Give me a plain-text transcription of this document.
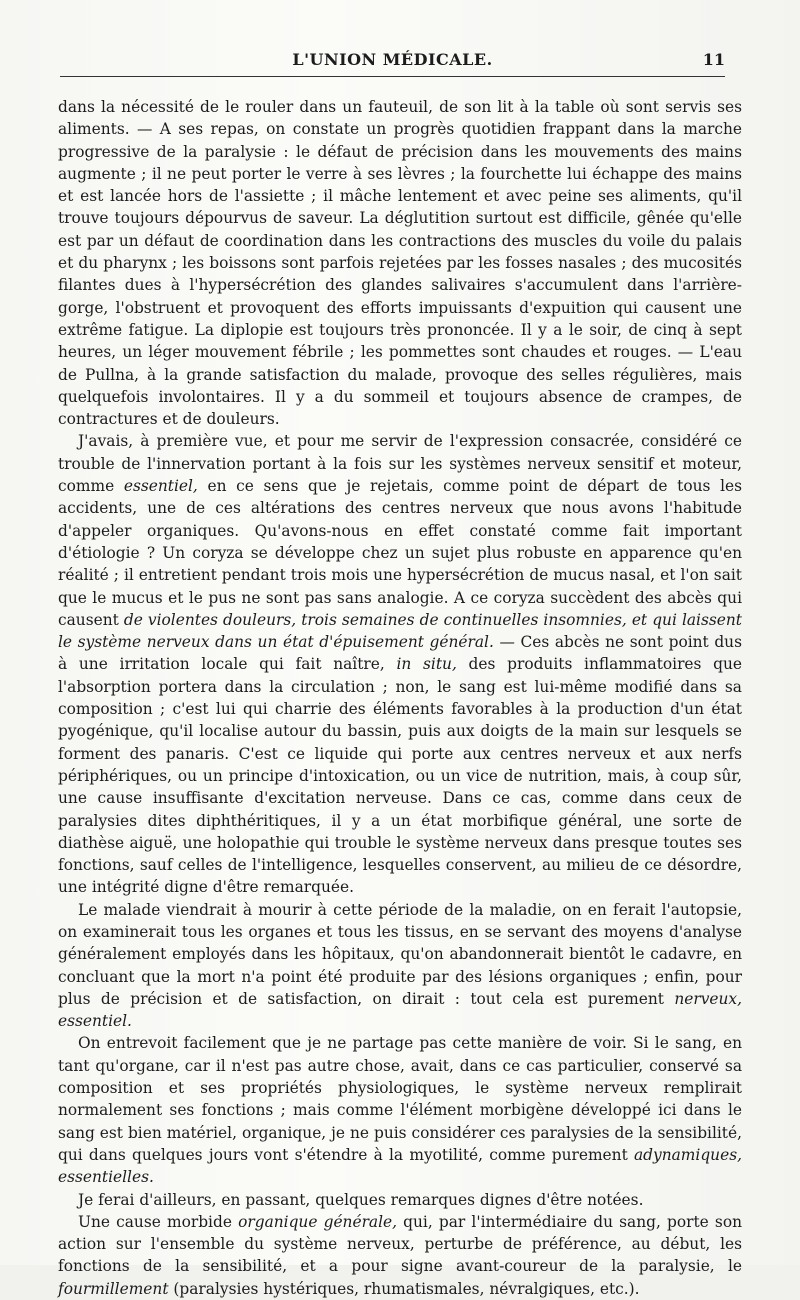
L'UNION MÉDICALE.	11

dans la nécessité de le rouler dans un fauteuil, de son lit à la table où sont servis ses aliments. — A ses repas, on constate un progrès quotidien frappant dans la marche progressive de la paralysie : le défaut de précision dans les mouvements des mains augmente ; il ne peut porter le verre à ses lèvres ; la fourchette lui échappe des mains et est lancée hors de l'assiette ; il mâche lentement et avec peine ses aliments, qu'il trouve toujours dépourvus de saveur. La déglutition surtout est difficile, gênée qu'elle est par un défaut de coordination dans les contractions des muscles du voile du palais et du pharynx ; les boissons sont parfois rejetées par les fosses nasales ; des mucosités filantes dues à l'hypersécrétion des glandes salivaires s'accumulent dans l'arrière-gorge, l'obstruent et provoquent des efforts impuissants d'expuition qui causent une extrême fatigue. La diplopie est toujours très prononcée. Il y a le soir, de cinq à sept heures, un léger mouvement fébrile ; les pommettes sont chaudes et rouges. — L'eau de Pullna, à la grande satisfaction du malade, provoque des selles régulières, mais quelquefois involontaires. Il y a du sommeil et toujours absence de crampes, de contractures et de douleurs.

J'avais, à première vue, et pour me servir de l'expression consacrée, considéré ce trouble de l'innervation portant à la fois sur les systèmes nerveux sensitif et moteur, comme essentiel, en ce sens que je rejetais, comme point de départ de tous les accidents, une de ces altérations des centres nerveux que nous avons l'habitude d'appeler organiques. Qu'avons-nous en effet constaté comme fait important d'étiologie ? Un coryza se développe chez un sujet plus robuste en apparence qu'en réalité ; il entretient pendant trois mois une hypersécrétion de mucus nasal, et l'on sait que le mucus et le pus ne sont pas sans analogie. A ce coryza succèdent des abcès qui causent de violentes douleurs, trois semaines de continuelles insomnies, et qui laissent le système nerveux dans un état d'épuisement général. — Ces abcès ne sont point dus à une irritation locale qui fait naître, in situ, des produits inflammatoires que l'absorption portera dans la circulation ; non, le sang est lui-même modifié dans sa composition ; c'est lui qui charrie des éléments favorables à la production d'un état pyogénique, qu'il localise autour du bassin, puis aux doigts de la main sur lesquels se forment des panaris. C'est ce liquide qui porte aux centres nerveux et aux nerfs périphériques, ou un principe d'intoxication, ou un vice de nutrition, mais, à coup sûr, une cause insuffisante d'excitation nerveuse. Dans ce cas, comme dans ceux de paralysies dites diphthéritiques, il y a un état morbifique général, une sorte de diathèse aiguë, une holopathie qui trouble le système nerveux dans presque toutes ses fonctions, sauf celles de l'intelligence, lesquelles conservent, au milieu de ce désordre, une intégrité digne d'être remarquée.

Le malade viendrait à mourir à cette période de la maladie, on en ferait l'autopsie, on examinerait tous les organes et tous les tissus, en se servant des moyens d'analyse généralement employés dans les hôpitaux, qu'on abandonnerait bientôt le cadavre, en concluant que la mort n'a point été produite par des lésions organiques ; enfin, pour plus de précision et de satisfaction, on dirait : tout cela est purement nerveux, essentiel.

On entrevoit facilement que je ne partage pas cette manière de voir. Si le sang, en tant qu'organe, car il n'est pas autre chose, avait, dans ce cas particulier, conservé sa composition et ses propriétés physiologiques, le système nerveux remplirait normalement ses fonctions ; mais comme l'élément morbigène développé ici dans le sang est bien matériel, organique, je ne puis considérer ces paralysies de la sensibilité, qui dans quelques jours vont s'étendre à la myotilité, comme purement adynamiques, essentielles.

Je ferai d'ailleurs, en passant, quelques remarques dignes d'être notées.

Une cause morbide organique générale, qui, par l'intermédiaire du sang, porte son action sur l'ensemble du système nerveux, perturbe de préférence, au début, les fonctions de la sensibilité, et a pour signe avant-coureur de la paralysie, le fourmillement (paralysies hystériques, rhumatismales, névralgiques, etc.).
